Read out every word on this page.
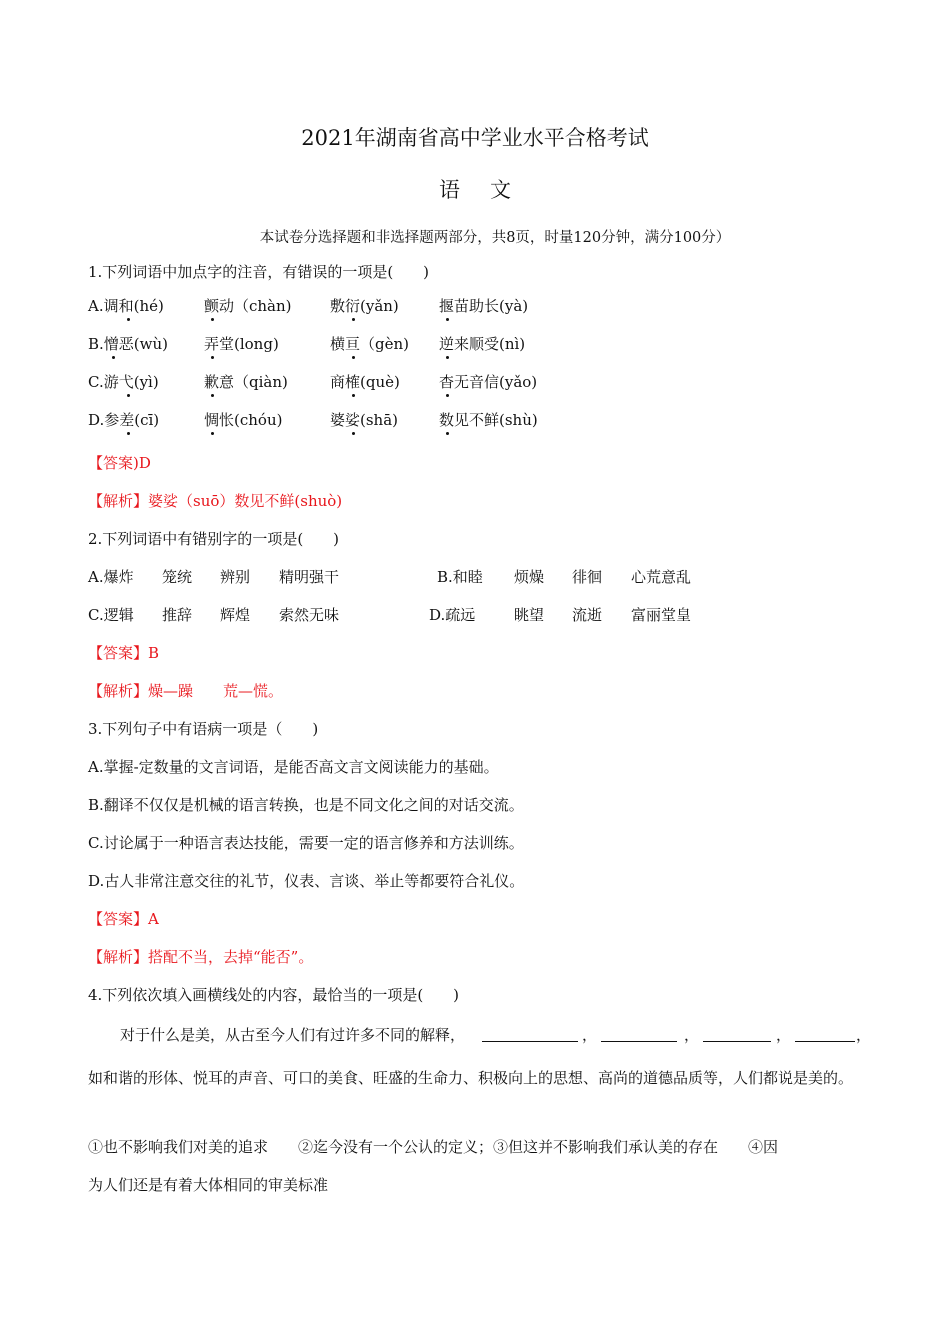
2021年湖南省高中学业水平合格考试
语文
本试卷分选择题和非选择题两部分，共8页，时量120分钟，满分100分）
1.下列词语中加点字的注音，有错误的一项是(　　)
A.调和(hé)	颤动（chàn)	敷衍(yǎn)	揠苗助长(yà)
B.憎恶(wù) 弄堂(long)	横亘（gèn) 逆来顺受(nì)
C.游弋(yì)	歉意（qiàn)	商榷(què)	杳无音信(yǎo)
D.参差(cī)	惆怅(chóu)	婆娑(shā)	数见不鲜(shù)
【答案)D
【解析】婆娑（suō）数见不鲜(shuò)
2.下列词语中有错别字的一项是(　　)
A.爆炸 笼统 辨别 精明强干	B.和睦 烦燥 徘徊 心荒意乱
C.逻辑 推辞 辉煌 索然无味	D.疏远	眺望 流逝 富丽堂皇
【答案】B
【解析】燥—躁　　荒—慌。
3.下列句子中有语病一项是（　　)
A.掌握-定数量的文言词语，是能否高文言文阅读能力的基础。
B.翻译不仅仅是机械的语言转换，也是不同文化之间的对话交流。
C.讨论属于一种语言表达技能，需要一定的语言修养和方法训练。
D.古人非常注意交往的礼节，仪表、言谈、举止等都要符合礼仪。
【答案】A
【解析】搭配不当，去掉“能否”。
4.下列依次填入画横线处的内容，最恰当的一项是(　　)
对于什么是美，从古至今人们有过许多不同的解释，	，	，	，	，
如和谐的形体、悦耳的声音、可口的美食、旺盛的生命力、积极向上的思想、高尚的道德品质等，人们都说是美的。
①也不影响我们对美的追求　　②迄今没有一个公认的定义；③但这并不影响我们承认美的存在　　④因
为人们还是有着大体相同的审美标准
